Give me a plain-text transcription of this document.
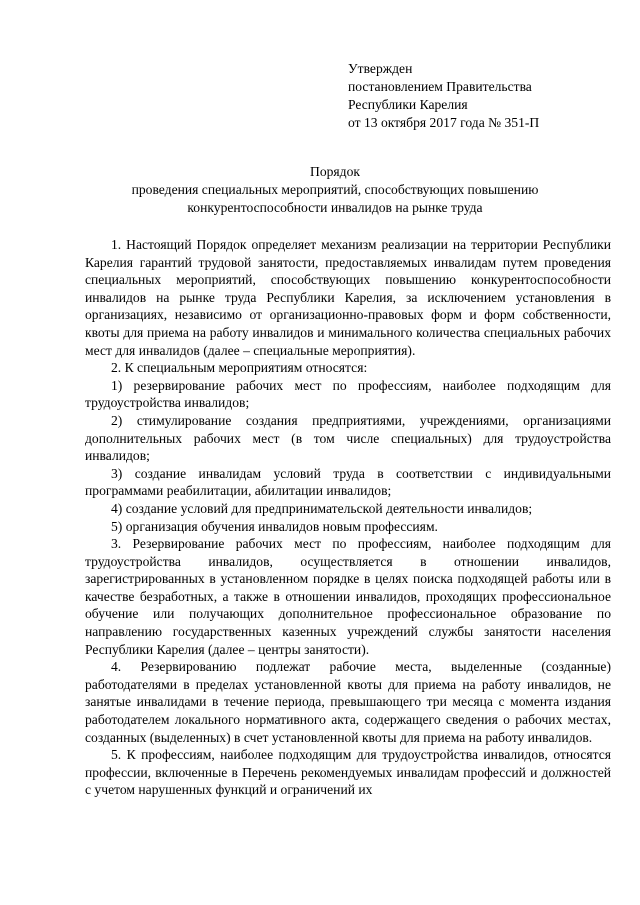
Утвержден
постановлением Правительства
Республики Карелия
от 13 октября 2017 года № 351-П
Порядок
проведения специальных мероприятий, способствующих повышению
конкурентоспособности инвалидов на рынке труда

1. Настоящий Порядок определяет механизм реализации на территории Республики Карелия гарантий трудовой занятости, предоставляемых инвалидам путем проведения специальных мероприятий, способствующих повышению конкурентоспособности инвалидов на рынке труда Республики Карелия, за исключением установления в организациях, независимо от организационно-правовых форм и форм собственности, квоты для приема на работу инвалидов и минимального количества специальных рабочих мест для инвалидов (далее – специальные мероприятия).

2. К специальным мероприятиям относятся:

1) резервирование рабочих мест по профессиям, наиболее подходящим для трудоустройства инвалидов;

2) стимулирование создания предприятиями, учреждениями, организациями дополнительных рабочих мест (в том числе специальных) для трудоустройства инвалидов;

3) создание инвалидам условий труда в соответствии с индивидуальными программами реабилитации, абилитации инвалидов;

4) создание условий для предпринимательской деятельности инвалидов;

5) организация обучения инвалидов новым профессиям.

3. Резервирование рабочих мест по профессиям, наиболее подходящим для трудоустройства инвалидов, осуществляется в отношении инвалидов, зарегистрированных в установленном порядке в целях поиска подходящей работы или в качестве безработных, а также в отношении инвалидов, проходящих профессиональное обучение или получающих дополнительное профессиональное образование по направлению государственных казенных учреждений службы занятости населения Республики Карелия (далее – центры занятости).

4. Резервированию подлежат рабочие места, выделенные (созданные) работодателями в пределах установленной квоты для приема на работу инвалидов, не занятые инвалидами в течение периода, превышающего три месяца с момента издания работодателем локального нормативного акта, содержащего сведения о рабочих местах, созданных (выделенных) в счет установленной квоты для приема на работу инвалидов.

5. К профессиям, наиболее подходящим для трудоустройства инвалидов, относятся профессии, включенные в Перечень рекомендуемых инвалидам профессий и должностей с учетом нарушенных функций и ограничений их
